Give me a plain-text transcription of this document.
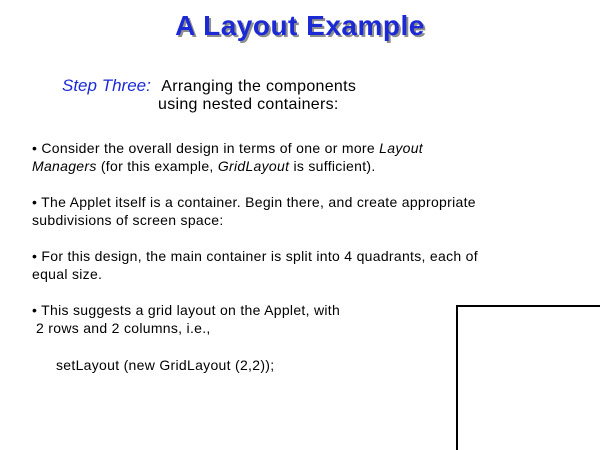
A Layout Example
Step Three: Arranging the components
using nested containers:
• Consider the overall design in terms of one or more Layout Managers (for this example, GridLayout is sufficient).
• The Applet itself is a container. Begin there, and create appropriate subdivisions of screen space:
• For this design, the main container is split into 4 quadrants, each of equal size.
• This suggests a grid layout on the Applet, with
2 rows and 2 columns, i.e.,
setLayout (new GridLayout (2,2));
